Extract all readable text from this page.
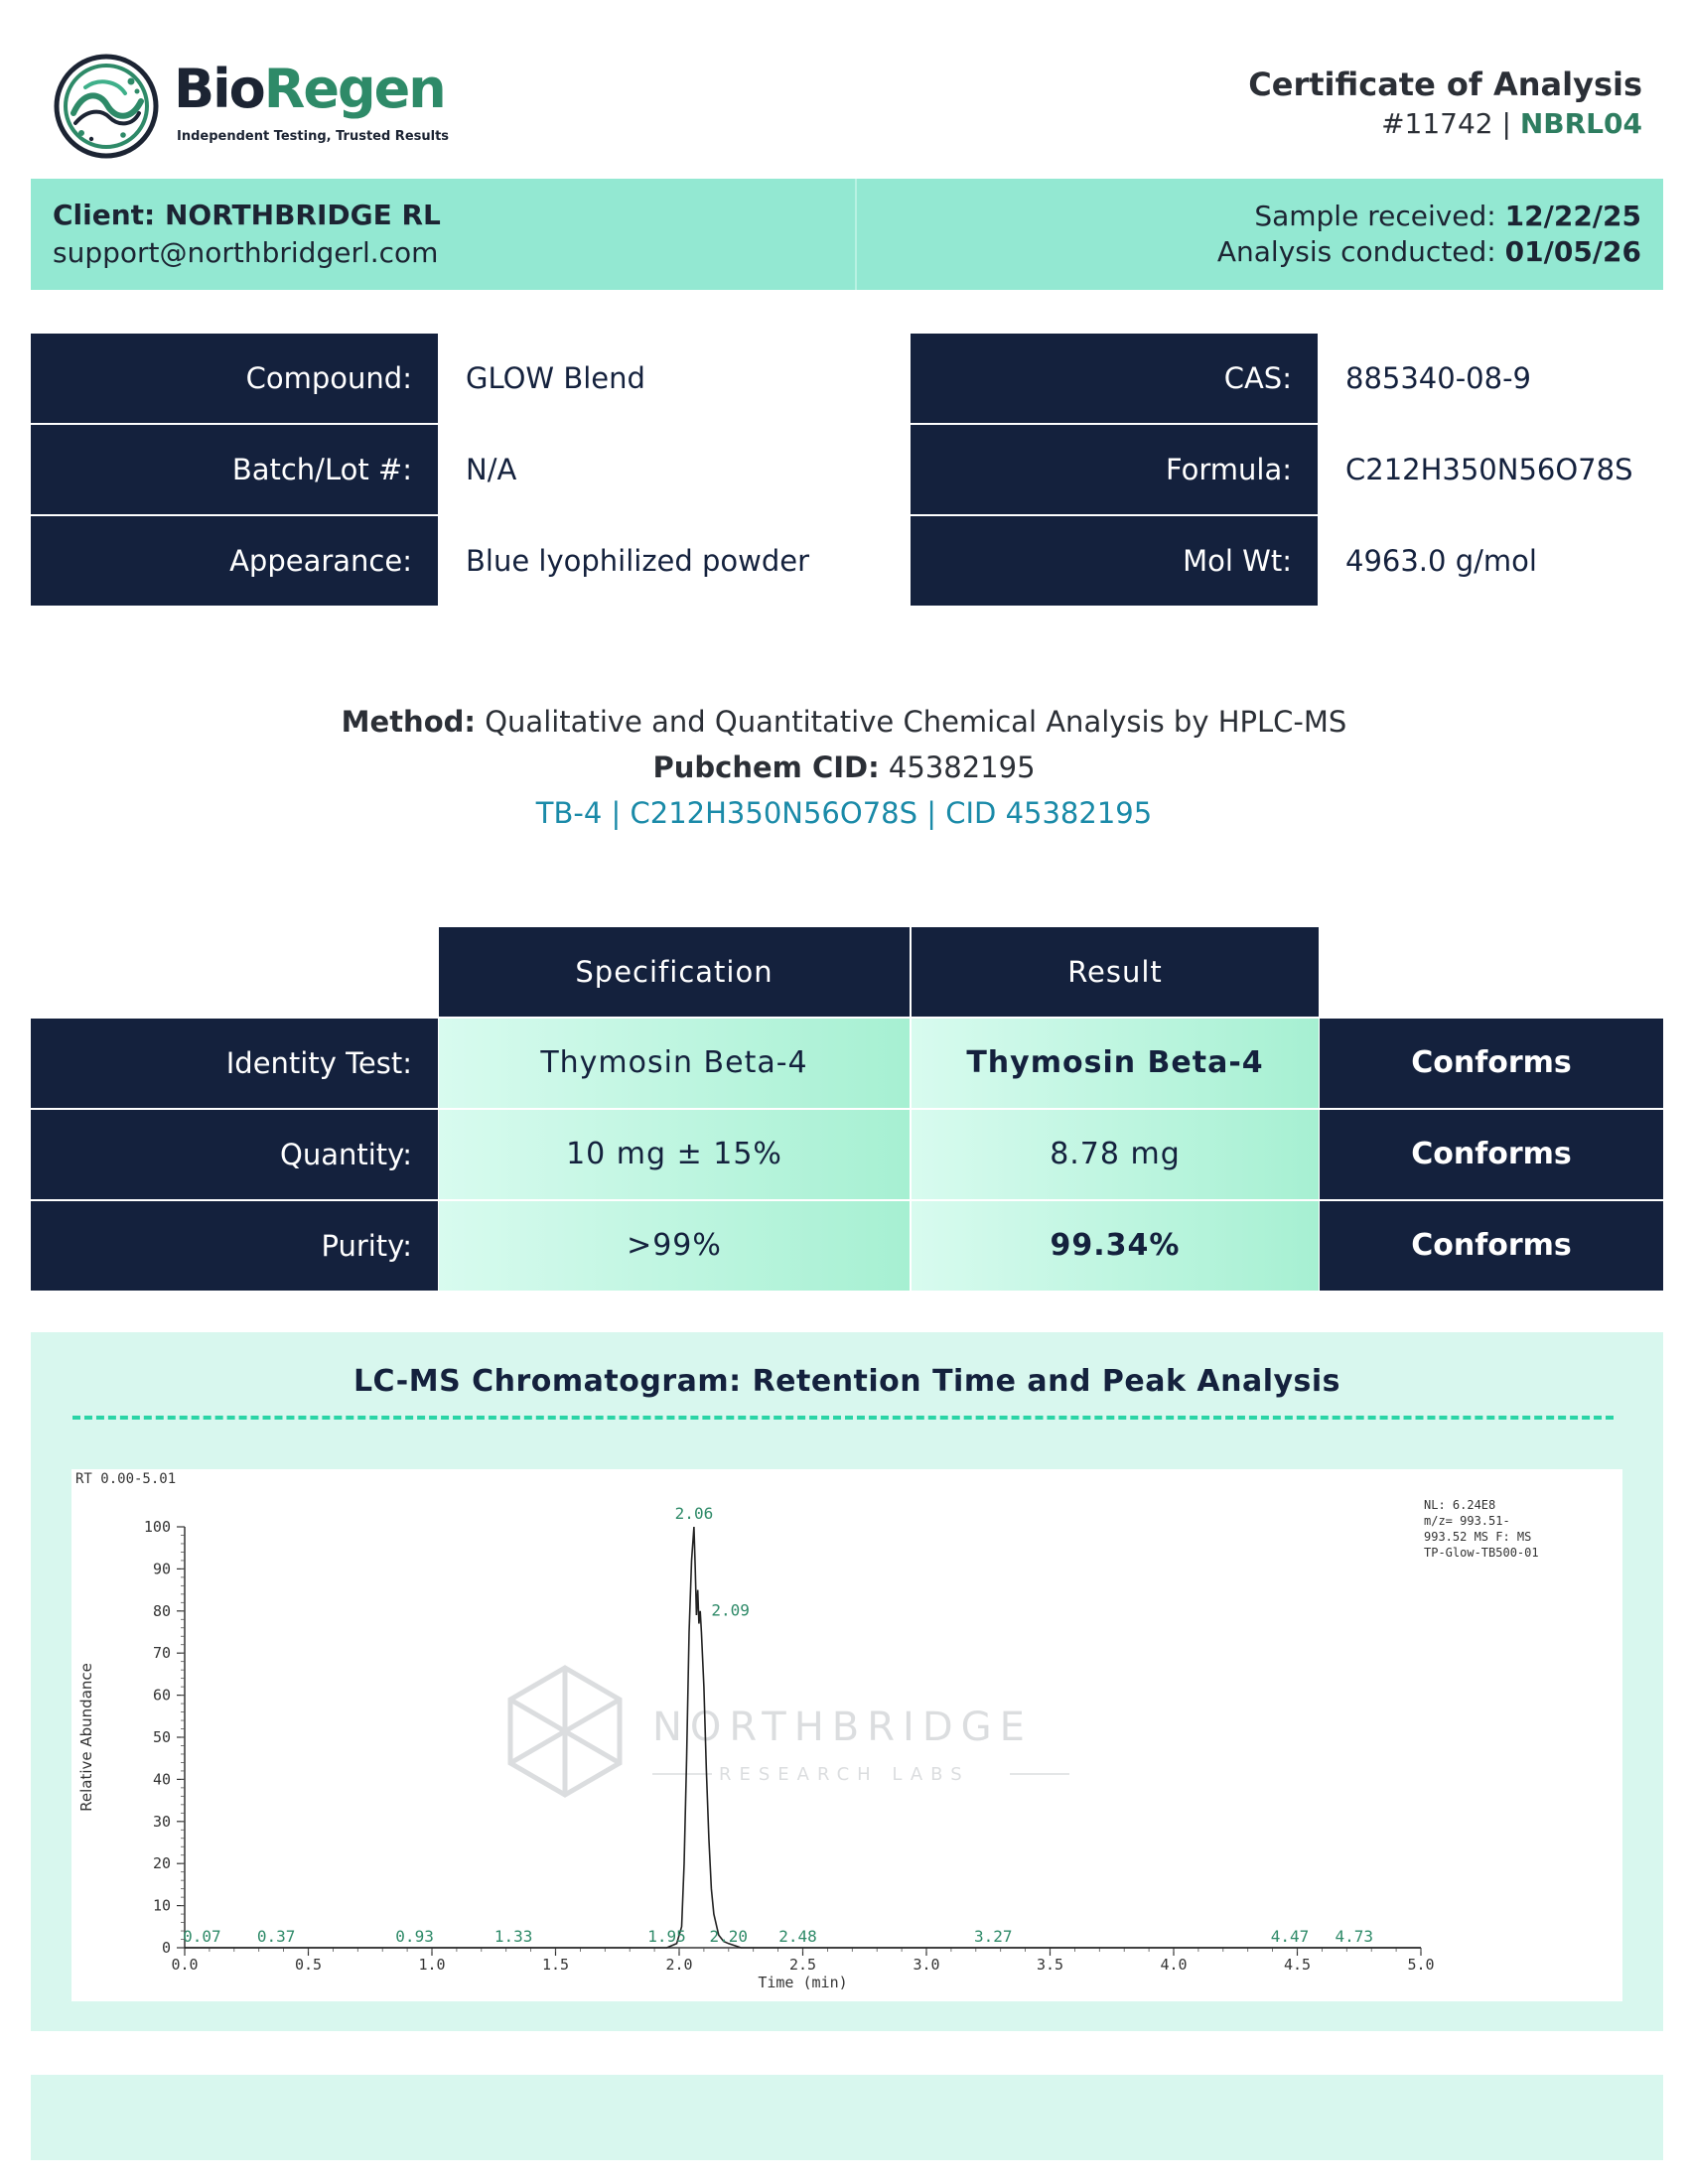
BioRegen
Independent Testing, Trusted Results
Certificate of Analysis
#11742 | NBRL04
Client: NORTHBRIDGE RL
support@northbridgerl.com
Sample received: 12/22/25
Analysis conducted: 01/05/26
Compound:	GLOW Blend
Batch/Lot #:	N/A
Appearance:	Blue lyophilized powder
CAS:	885340-08-9
Formula:	C212H350N56O78S
Mol Wt:	4963.0 g/mol
Method: Qualitative and Quantitative Chemical Analysis by HPLC-MS
Pubchem CID: 45382195
TB-4 | C212H350N56O78S | CID 45382195
Specification	Result
Identity Test:	Thymosin Beta-4	Thymosin Beta-4	Conforms
Quantity:	10 mg ± 15%	8.78 mg	Conforms
Purity:	>99%	99.34%	Conforms
LC-MS Chromatogram: Retention Time and Peak Analysis
NORTHBRIDGE
RESEARCH LABS
RT 0.00-5.01
NL: 6.24E8
m/z= 993.51-
993.52 MS F: MS
TP-Glow-TB500-01
0.0	0.5	1.0	1.5	2.0	2.5	3.0	3.5	4.0	4.5	5.0
0
10
20
30
40
50
60
70
80
90
100
0.07 0.37	0.93	1.33	1.95
2.06
2.09
2.20 2.48	3.27	4.47 4.73
Time (min)
Relative Abundance
